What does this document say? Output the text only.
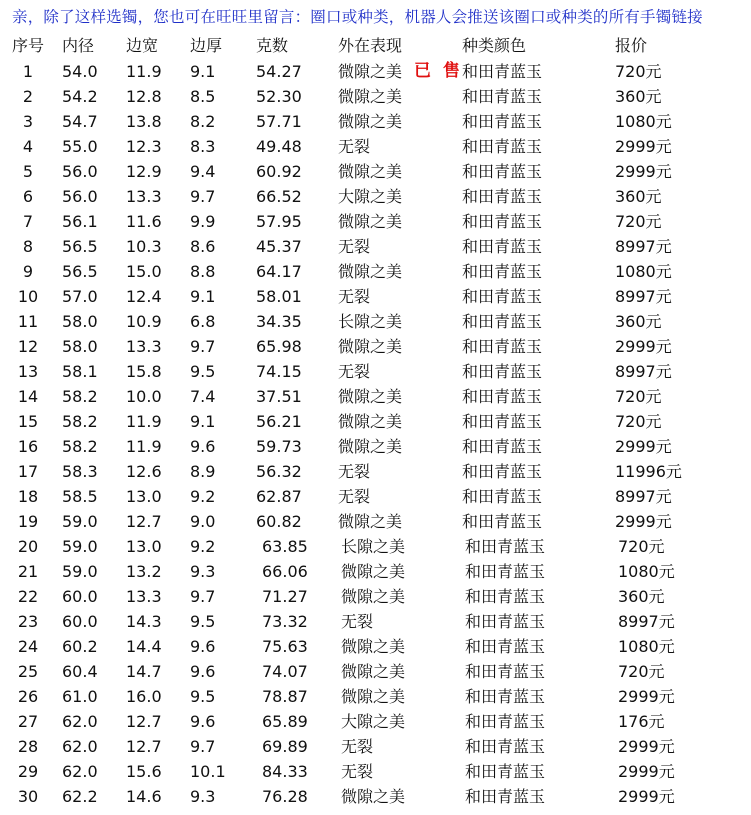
亲，除了这样选镯，您也可在旺旺里留言：圈口或种类，机器人会推送该圈口或种类的所有手镯链接
序号 内径 边宽 边厚 克数	外在表现	种类颜色	报价
1	54.0 11.9 9.1	54.27 微隙之美	和田青蓝玉	720元
已 售
2	54.2 12.8 8.5	52.30 微隙之美	和田青蓝玉	360元
3	54.7 13.8 8.2	57.71 微隙之美	和田青蓝玉	1080元
4	55.0 12.3 8.3	49.48 无裂	和田青蓝玉	2999元
5	56.0 12.9 9.4	60.92 微隙之美	和田青蓝玉	2999元
6	56.0 13.3 9.7	66.52 大隙之美	和田青蓝玉	360元
7	56.1 11.6 9.9	57.95 微隙之美	和田青蓝玉	720元
8	56.5 10.3 8.6	45.37 无裂	和田青蓝玉	8997元
9	56.5 15.0 8.8	64.17 微隙之美	和田青蓝玉	1080元
10	57.0 12.4 9.1	58.01 无裂	和田青蓝玉	8997元
11	58.0 10.9 6.8	34.35 长隙之美	和田青蓝玉	360元
12	58.0 13.3 9.7	65.98 微隙之美	和田青蓝玉	2999元
13	58.1 15.8 9.5	74.15 无裂	和田青蓝玉	8997元
14	58.2 10.0 7.4	37.51 微隙之美	和田青蓝玉	720元
15	58.2 11.9 9.1	56.21 微隙之美	和田青蓝玉	720元
16	58.2 11.9 9.6	59.73 微隙之美	和田青蓝玉	2999元
17	58.3 12.6 8.9	56.32 无裂	和田青蓝玉	11996元
18	58.5 13.0 9.2	62.87 无裂	和田青蓝玉	8997元
19	59.0 12.7 9.0	60.82 微隙之美	和田青蓝玉	2999元
20	59.0 13.0 9.2	63.85 长隙之美	和田青蓝玉	720元
21	59.0 13.2 9.3	66.06 微隙之美	和田青蓝玉	1080元
22	60.0 13.3 9.7	71.27 微隙之美	和田青蓝玉	360元
23	60.0 14.3 9.5	73.32 无裂	和田青蓝玉	8997元
24	60.2 14.4 9.6	75.63 微隙之美	和田青蓝玉	1080元
25	60.4 14.7 9.6	74.07 微隙之美	和田青蓝玉	720元
26	61.0 16.0 9.5	78.87 微隙之美	和田青蓝玉	2999元
27	62.0 12.7 9.6	65.89 大隙之美	和田青蓝玉	176元
28	62.0 12.7 9.7	69.89 无裂	和田青蓝玉	2999元
29	62.0 15.6 10.1 84.33 无裂	和田青蓝玉	2999元
30	62.2 14.6 9.3	76.28 微隙之美	和田青蓝玉	2999元
